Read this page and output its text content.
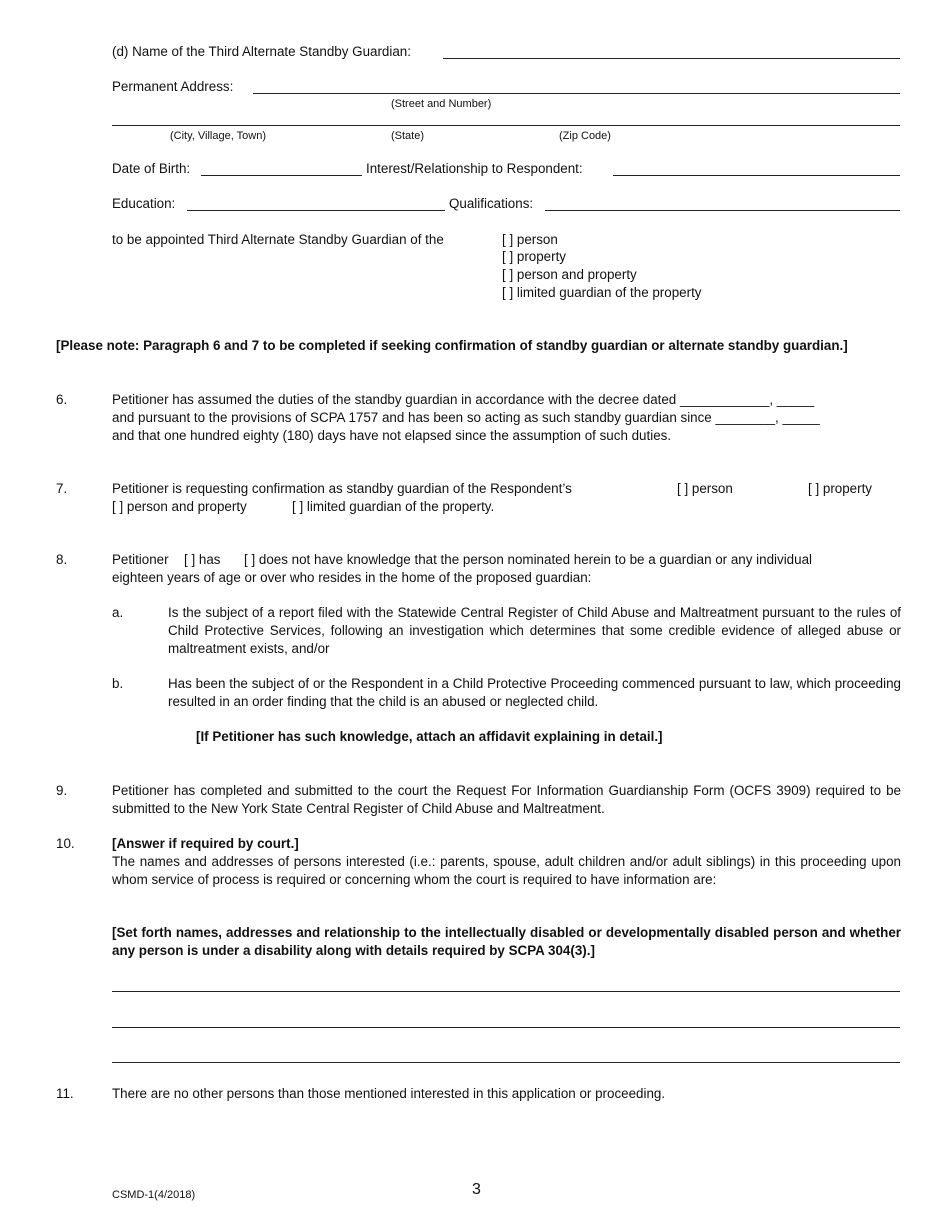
(d) Name of the Third Alternate Standby Guardian:
Permanent Address:
(Street and Number)
(City, Village, Town)	(State)	(Zip Code)
Date of Birth:	Interest/Relationship to Respondent:
Education:	Qualifications:
to be appointed Third Alternate Standby Guardian of the	[ ] person
[ ] property
[ ] person and property
[ ] limited guardian of the property
[Please note: Paragraph 6 and 7 to be completed if seeking confirmation of standby guardian or alternate standby guardian.]
6.	Petitioner has assumed the duties of the standby guardian in accordance with the decree dated ____________, _____
and pursuant to the provisions of SCPA 1757 and has been so acting as such standby guardian since ________, _____
and that one hundred eighty (180) days have not elapsed since the assumption of such duties.
7.	Petitioner is requesting confirmation as standby guardian of the Respondent’s	[ ] person	[ ] property
[ ] person and property	[ ] limited guardian of the property.
8.	Petitioner [ ] has [ ] does not have knowledge that the person nominated herein to be a guardian or any individual
eighteen years of age or over who resides in the home of the proposed guardian:
a.	Is the subject of a report filed with the Statewide Central Register of Child Abuse and Maltreatment pursuant to the rules of Child Protective Services, following an investigation which determines that some credible evidence of alleged abuse or maltreatment exists, and/or
b.	Has been the subject of or the Respondent in a Child Protective Proceeding commenced pursuant to law, which proceeding resulted in an order finding that the child is an abused or neglected child.
[If Petitioner has such knowledge, attach an affidavit explaining in detail.]
9.	Petitioner has completed and submitted to the court the Request For Information Guardianship Form (OCFS 3909) required to be submitted to the New York State Central Register of Child Abuse and Maltreatment.
10.	[Answer if required by court.]
The names and addresses of persons interested (i.e.: parents, spouse, adult children and/or adult siblings) in this proceeding upon whom service of process is required or concerning whom the court is required to have information are:
[Set forth names, addresses and relationship to the intellectually disabled or developmentally disabled person and whether any person is under a disability along with details required by SCPA 304(3).]
11.	There are no other persons than those mentioned interested in this application or proceeding.
CSMD-1(4/2018)	3
